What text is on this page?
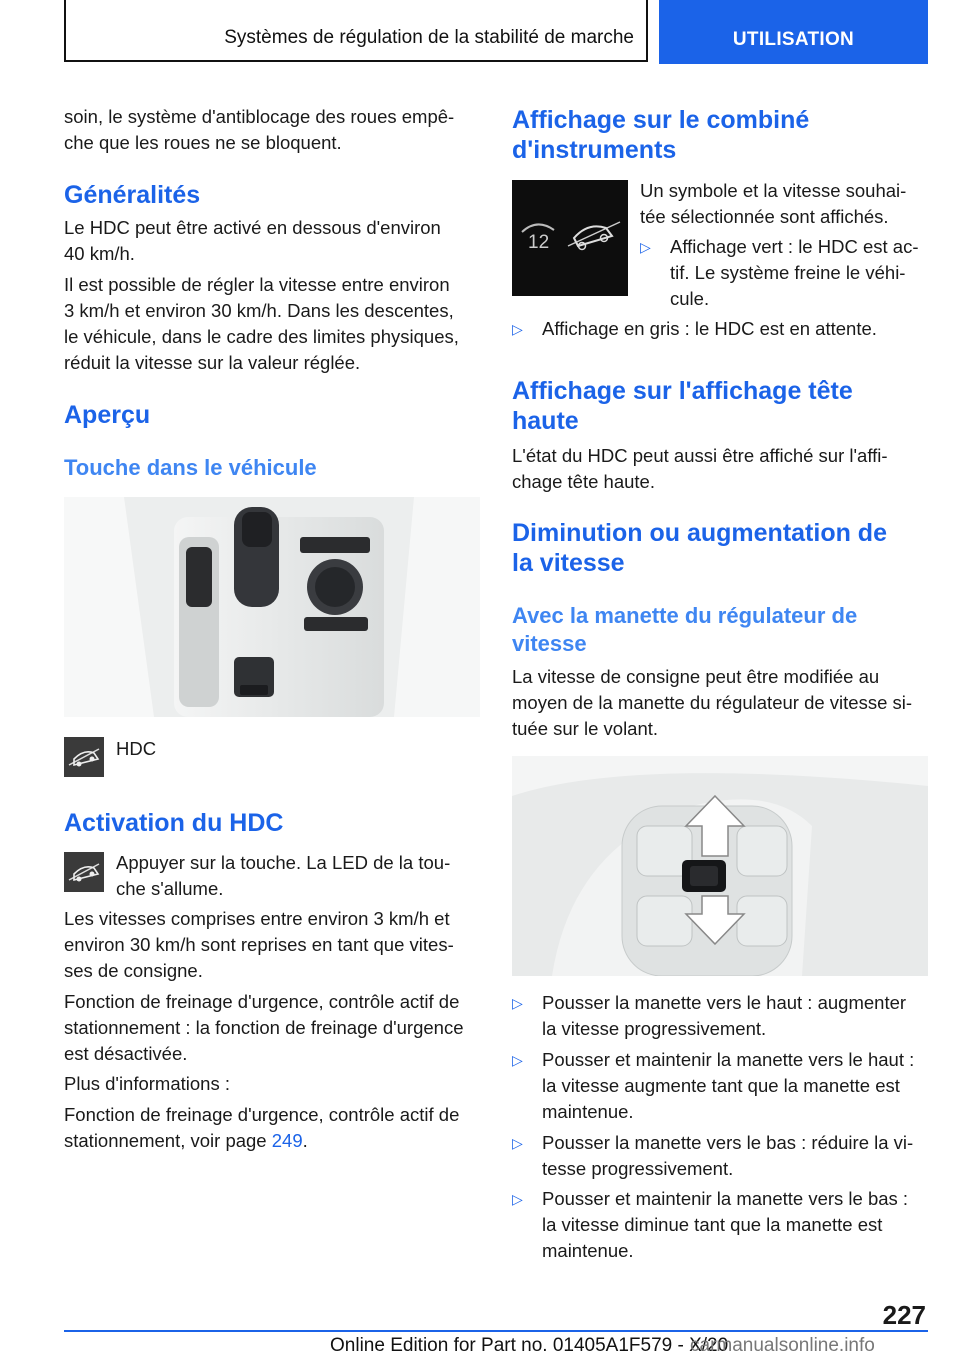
Systèmes de régulation de la stabilité de marche	UTILISATION
soin, le système d'antiblocage des roues empê-
che que les roues ne se bloquent.
Généralités
Le HDC peut être activé en dessous d'environ
40 km/h.
Il est possible de régler la vitesse entre environ
3 km/h et environ 30 km/h. Dans les descentes,
le véhicule, dans le cadre des limites physiques,
réduit la vitesse sur la valeur réglée.
Aperçu
Touche dans le véhicule
HDC
Activation du HDC
Appuyer sur la touche. La LED de la tou-
che s'allume.
Les vitesses comprises entre environ 3 km/h et
environ 30 km/h sont reprises en tant que vites-
ses de consigne.
Fonction de freinage d'urgence, contrôle actif de
stationnement : la fonction de freinage d'urgence
est désactivée.
Plus d'informations :
Fonction de freinage d'urgence, contrôle actif de
stationnement, voir page 249.
Affichage sur le combiné
d'instruments
12
Un symbole et la vitesse souhai-
tée sélectionnée sont affichés.
▷ Affichage vert : le HDC est ac-
tif. Le système freine le véhi-
cule.
▷ Affichage en gris : le HDC est en attente.
Affichage sur l'affichage tête
haute
L'état du HDC peut aussi être affiché sur l'affi-
chage tête haute.
Diminution ou augmentation de
la vitesse
Avec la manette du régulateur de
vitesse
La vitesse de consigne peut être modifiée au
moyen de la manette du régulateur de vitesse si-
tuée sur le volant.
▷ Pousser la manette vers le haut : augmenter
la vitesse progressivement.
▷ Pousser et maintenir la manette vers le haut :
la vitesse augmente tant que la manette est
maintenue.
▷ Pousser la manette vers le bas : réduire la vi-
tesse progressivement.
▷ Pousser et maintenir la manette vers le bas :
la vitesse diminue tant que la manette est
maintenue.
227
Online Edition for Part no. 01405A1F579 - X/20
carmanualsonline.info
